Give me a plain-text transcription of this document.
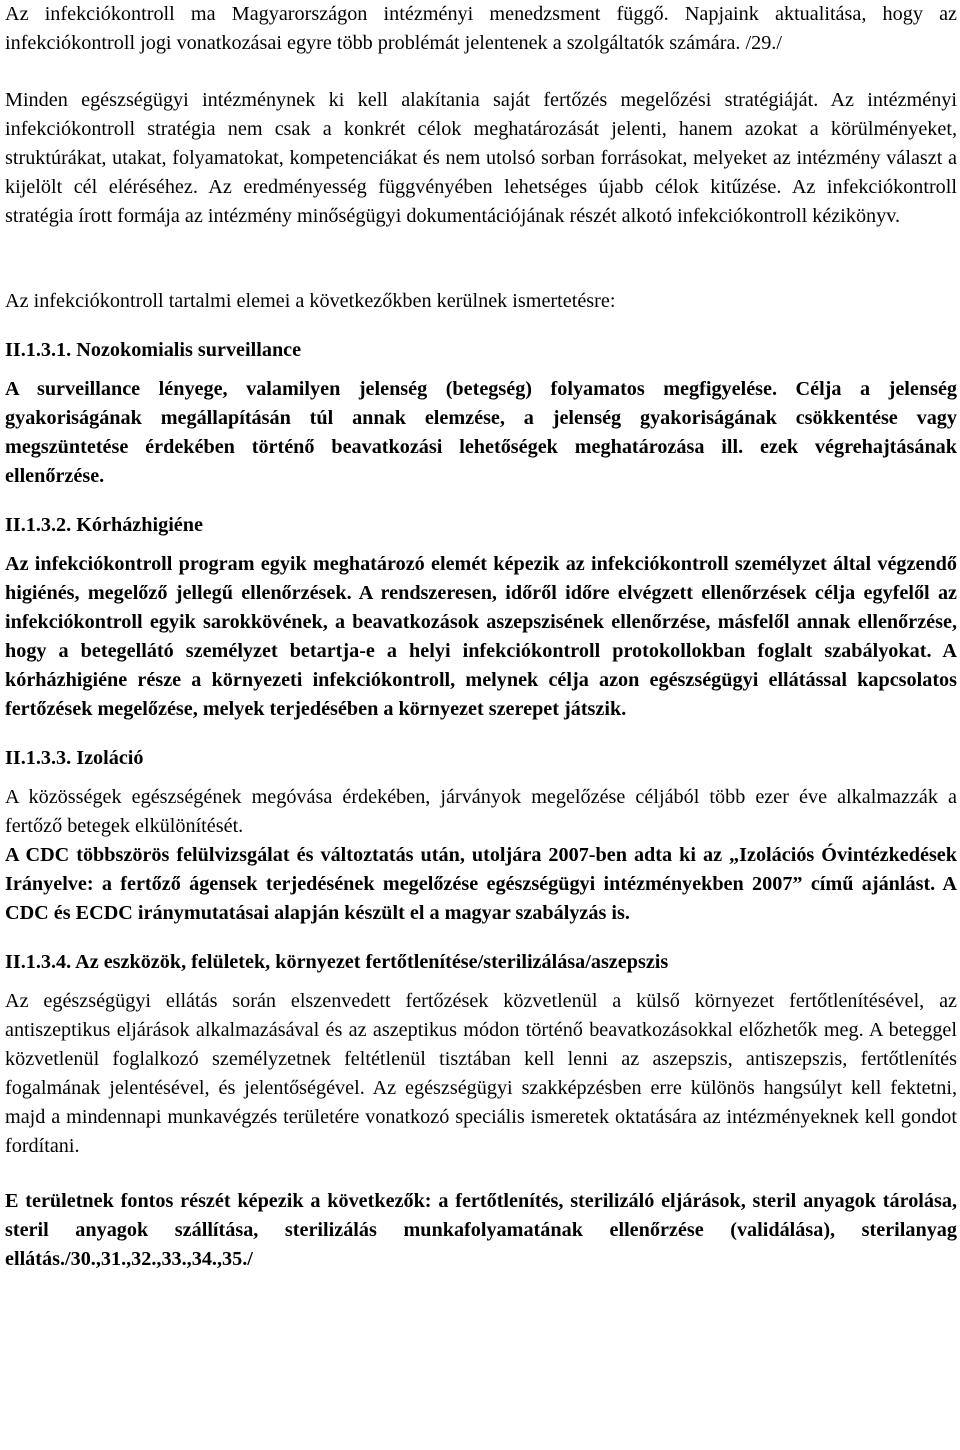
Az infekciókontroll ma Magyarországon intézményi menedzsment függő. Napjaink aktualitása, hogy az infekciókontroll jogi vonatkozásai egyre több problémát jelentenek a szolgáltatók számára. /29./

Minden egészségügyi intézménynek ki kell alakítania saját fertőzés megelőzési stratégiáját. Az intézményi infekciókontroll stratégia nem csak a konkrét célok meghatározását jelenti, hanem azokat a körülményeket, struktúrákat, utakat, folyamatokat, kompetenciákat és nem utolsó sorban forrásokat, melyeket az intézmény választ a kijelölt cél eléréséhez. Az eredményesség függvényében lehetséges újabb célok kitűzése. Az infekciókontroll stratégia írott formája az intézmény minőségügyi dokumentációjának részét alkotó infekciókontroll kézikönyv.

Az infekciókontroll tartalmi elemei a következőkben kerülnek ismertetésre:

II.1.3.1. Nozokomialis surveillance

A surveillance lényege, valamilyen jelenség (betegség) folyamatos megfigyelése. Célja a jelenség gyakoriságának megállapításán túl annak elemzése, a jelenség gyakoriságának csökkentése vagy megszüntetése érdekében történő beavatkozási lehetőségek meghatározása ill. ezek végrehajtásának ellenőrzése.

II.1.3.2. Kórházhigiéne

Az infekciókontroll program egyik meghatározó elemét képezik az infekciókontroll személyzet által végzendő higiénés, megelőző jellegű ellenőrzések. A rendszeresen, időről időre elvégzett ellenőrzések célja egyfelől az infekciókontroll egyik sarokkövének, a beavatkozások aszepszisének ellenőrzése, másfelől annak ellenőrzése, hogy a betegellátó személyzet betartja-e a helyi infekciókontroll protokollokban foglalt szabályokat. A kórházhigiéne része a környezeti infekciókontroll, melynek célja azon egészségügyi ellátással kapcsolatos fertőzések megelőzése, melyek terjedésében a környezet szerepet játszik.

II.1.3.3. Izoláció

A közösségek egészségének megóvása érdekében, járványok megelőzése céljából több ezer éve alkalmazzák a fertőző betegek elkülönítését.

A CDC többszörös felülvizsgálat és változtatás után, utoljára 2007-ben adta ki az „Izolációs Óvintézkedések Irányelve: a fertőző ágensek terjedésének megelőzése egészségügyi intézményekben 2007” című ajánlást. A CDC és ECDC iránymutatásai alapján készült el a magyar szabályzás is.

II.1.3.4. Az eszközök, felületek, környezet fertőtlenítése/sterilizálása/aszepszis

Az egészségügyi ellátás során elszenvedett fertőzések közvetlenül a külső környezet fertőtlenítésével, az antiszeptikus eljárások alkalmazásával és az aszeptikus módon történő beavatkozásokkal előzhetők meg. A beteggel közvetlenül foglalkozó személyzetnek feltétlenül tisztában kell lenni az aszepszis, antiszepszis, fertőtlenítés fogalmának jelentésével, és jelentőségével. Az egészségügyi szakképzésben erre különös hangsúlyt kell fektetni, majd a mindennapi munkavégzés területére vonatkozó speciális ismeretek oktatására az intézményeknek kell gondot fordítani.

E területnek fontos részét képezik a következők: a fertőtlenítés, sterilizáló eljárások, steril anyagok tárolása, steril anyagok szállítása, sterilizálás munkafolyamatának ellenőrzése (validálása), sterilanyag ellátás./30.,31.,32.,33.,34.,35./
